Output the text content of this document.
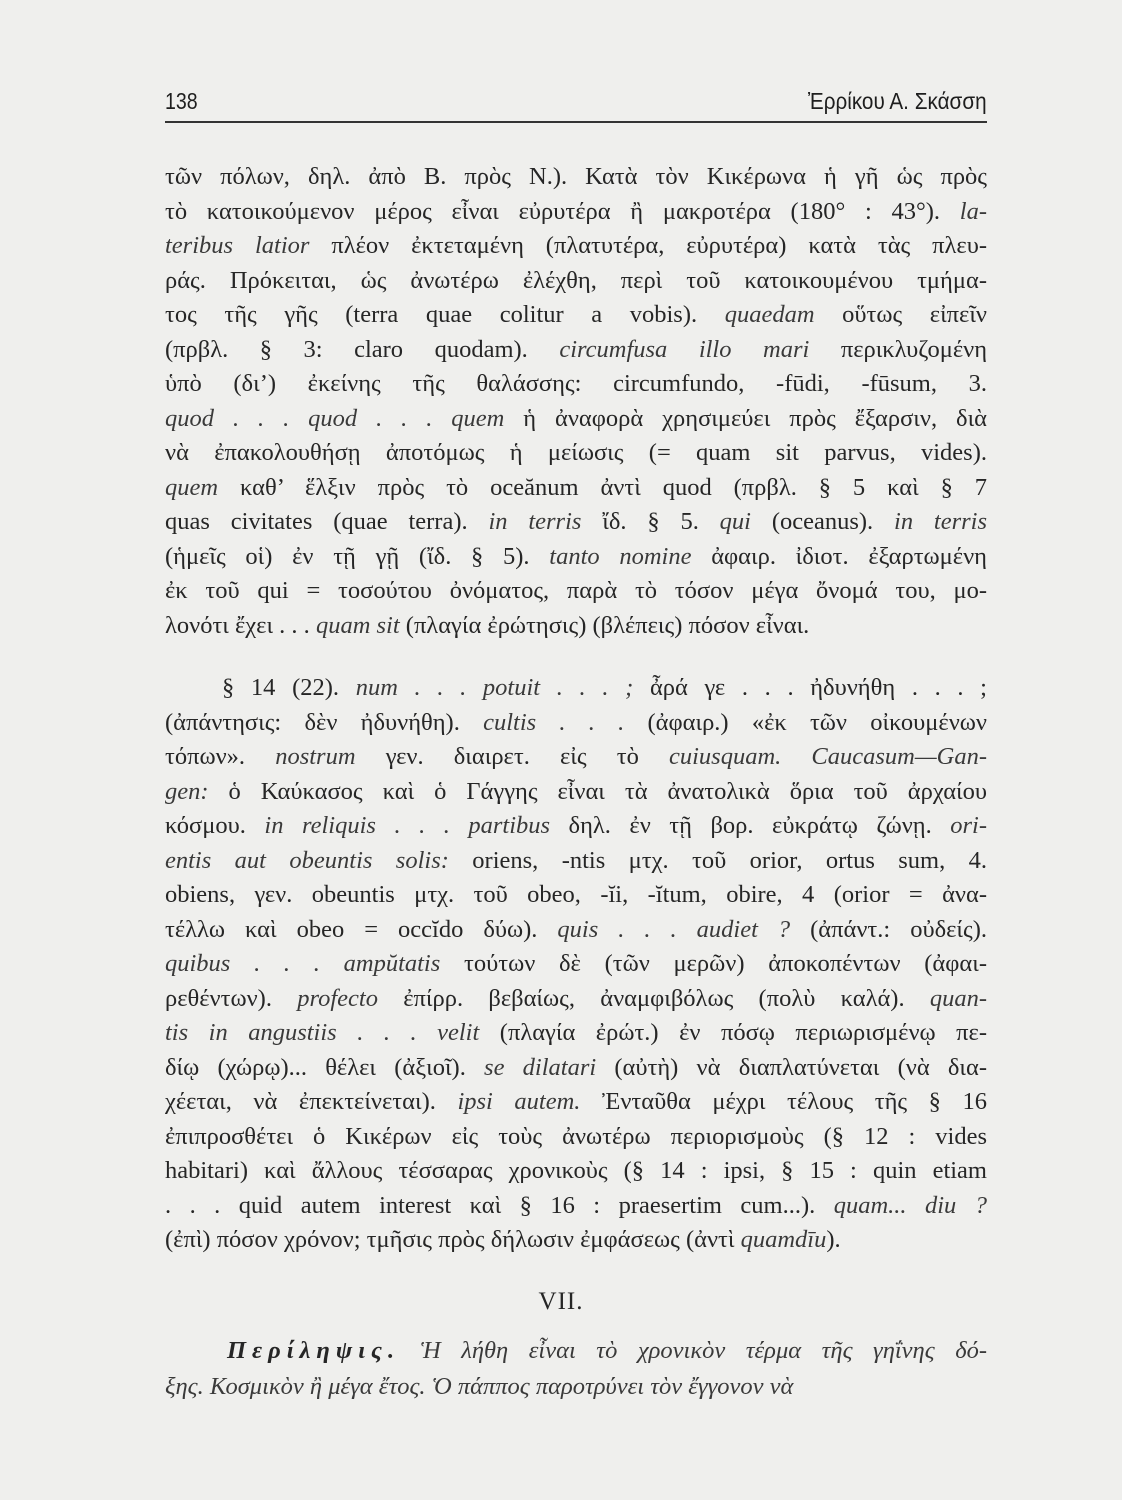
138	Ἐρρίκου Α. Σκάσση
τῶν πόλων, δηλ. ἀπὸ Β. πρὸς Ν.). Κατὰ τὸν Κικέρωνα ἡ γῆ ὡς πρὸς
τὸ κατοικούμενον μέρος εἶναι εὐρυτέρα ἢ μακροτέρα (180° : 43°). la-
teribus latior πλέον ἐκτεταμένη (πλατυτέρα, εὐρυτέρα) κατὰ τὰς πλευ-
ράς. Πρόκειται, ὡς ἀνωτέρω ἐλέχθη, περὶ τοῦ κατοικουμένου τμήμα-
τος τῆς γῆς (terra quae colitur a vobis). quaedam οὕτως εἰπεῖν
(πρβλ. § 3: claro quodam). circumfusa illo mari περικλυζομένη
ὑπὸ (δι’) ἐκείνης τῆς θαλάσσης: circumfundo, -fūdi, -fūsum, 3.
quod . . . quod . . . quem ἡ ἀναφορὰ χρησιμεύει πρὸς ἔξαρσιν, διὰ
νὰ ἐπακολουθήσῃ ἀποτόμως ἡ μείωσις (= quam sit parvus, vides).
quem καθ’ ἕλξιν πρὸς τὸ oceănum ἀντὶ quod (πρβλ. § 5 καὶ § 7
quas civitates (quae terra). in terris ἴδ. § 5. qui (oceanus). in terris
(ἡμεῖς οἱ) ἐν τῇ γῇ (ἴδ. § 5). tanto nomine ἀφαιρ. ἰδιοτ. ἐξαρτωμένη
ἐκ τοῦ qui = τοσούτου ὀνόματος, παρὰ τὸ τόσον μέγα ὄνομά του, μο-
λονότι ἔχει . . . quam sit (πλαγία ἐρώτησις) (βλέπεις) πόσον εἶναι.
§ 14 (22). num . . . potuit . . . ; ἆρά γε . . . ἠδυνήθη . . . ;
(ἀπάντησις: δὲν ἠδυνήθη). cultis . . . (ἀφαιρ.) «ἐκ τῶν οἰκουμένων
τόπων». nostrum γεν. διαιρετ. εἰς τὸ cuiusquam. Caucasum—Gan-
gen: ὁ Καύκασος καὶ ὁ Γάγγης εἶναι τὰ ἀνατολικὰ ὅρια τοῦ ἀρχαίου
κόσμου. in reliquis . . . partibus δηλ. ἐν τῇ βορ. εὐκράτῳ ζώνῃ. ori-
entis aut obeuntis solis: oriens, -ntis μτχ. τοῦ orior, ortus sum, 4.
obiens, γεν. obeuntis μτχ. τοῦ obeo, -ĭi, -ĭtum, obire, 4 (orior = ἀνα-
τέλλω καὶ obeo = occĭdo δύω). quis . . . audiet ? (ἀπάντ.: οὐδείς).
quibus . . . ampŭtatis τούτων δὲ (τῶν μερῶν) ἀποκοπέντων (ἀφαι-
ρεθέντων). profecto ἐπίρρ. βεβαίως, ἀναμφιβόλως (πολὺ καλά). quan-
tis in angustiis . . . velit (πλαγία ἐρώτ.) ἐν πόσῳ περιωρισμένῳ πε-
δίῳ (χώρῳ)... θέλει (ἀξιοῖ). se dilatari (αὐτὴ) νὰ διαπλατύνεται (νὰ δια-
χέεται, νὰ ἐπεκτείνεται). ipsi autem. Ἐνταῦθα μέχρι τέλους τῆς § 16
ἐπιπροσθέτει ὁ Κικέρων εἰς τοὺς ἀνωτέρω περιορισμοὺς (§ 12 : vides
habitari) καὶ ἄλλους τέσσαρας χρονικοὺς (§ 14 : ipsi, § 15 : quin etiam
. . . quid autem interest καὶ § 16 : praesertim cum...). quam... diu ?
(ἐπὶ) πόσον χρόνον; τμῆσις πρὸς δήλωσιν ἐμφάσεως (ἀντὶ quamdīu).
VII.
Περίληψις. Ἡ λήθη εἶναι τὸ χρονικὸν τέρμα τῆς γηΐνης δό-
ξης. Κοσμικὸν ἢ μέγα ἔτος. Ὁ πάππος παροτρύνει τὸν ἔγγονον νὰ
